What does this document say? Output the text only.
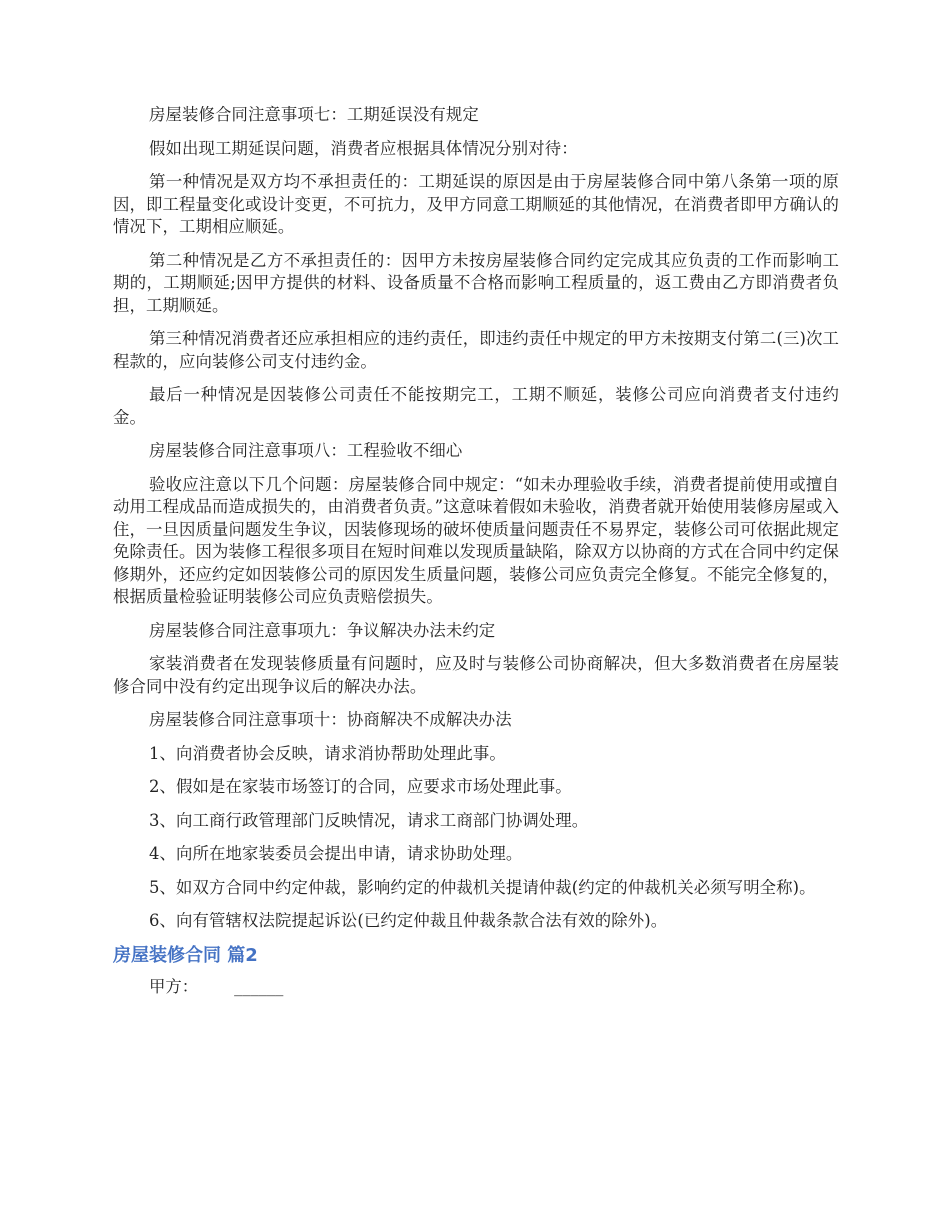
房屋装修合同注意事项七：工期延误没有规定

假如出现工期延误问题，消费者应根据具体情况分别对待：

第一种情况是双方均不承担责任的：工期延误的原因是由于房屋装修合同中第八条第一项的原因，即工程量变化或设计变更，不可抗力，及甲方同意工期顺延的其他情况，在消费者即甲方确认的情况下，工期相应顺延。

第二种情况是乙方不承担责任的：因甲方未按房屋装修合同约定完成其应负责的工作而影响工期的，工期顺延;因甲方提供的材料、设备质量不合格而影响工程质量的，返工费由乙方即消费者负担，工期顺延。

第三种情况消费者还应承担相应的违约责任，即违约责任中规定的甲方未按期支付第二(三)次工程款的，应向装修公司支付违约金。

最后一种情况是因装修公司责任不能按期完工，工期不顺延，装修公司应向消费者支付违约金。

房屋装修合同注意事项八：工程验收不细心

验收应注意以下几个问题：房屋装修合同中规定：“如未办理验收手续，消费者提前使用或擅自动用工程成品而造成损失的，由消费者负责。”这意味着假如未验收，消费者就开始使用装修房屋或入住，一旦因质量问题发生争议，因装修现场的破坏使质量问题责任不易界定，装修公司可依据此规定免除责任。因为装修工程很多项目在短时间难以发现质量缺陷，除双方以协商的方式在合同中约定保修期外，还应约定如因装修公司的原因发生质量问题，装修公司应负责完全修复。不能完全修复的，根据质量检验证明装修公司应负责赔偿损失。

房屋装修合同注意事项九：争议解决办法未约定

家装消费者在发现装修质量有问题时，应及时与装修公司协商解决，但大多数消费者在房屋装修合同中没有约定出现争议后的解决办法。

房屋装修合同注意事项十：协商解决不成解决办法

1、向消费者协会反映，请求消协帮助处理此事。

2、假如是在家装市场签订的合同，应要求市场处理此事。

3、向工商行政管理部门反映情况，请求工商部门协调处理。

4、向所在地家装委员会提出申请，请求协助处理。

5、如双方合同中约定仲裁，影响约定的仲裁机关提请仲裁(约定的仲裁机关必须写明全称)。

6、向有管辖权法院提起诉讼(已约定仲裁且仲裁条款合法有效的除外)。

房屋装修合同 篇2

甲方： ______
